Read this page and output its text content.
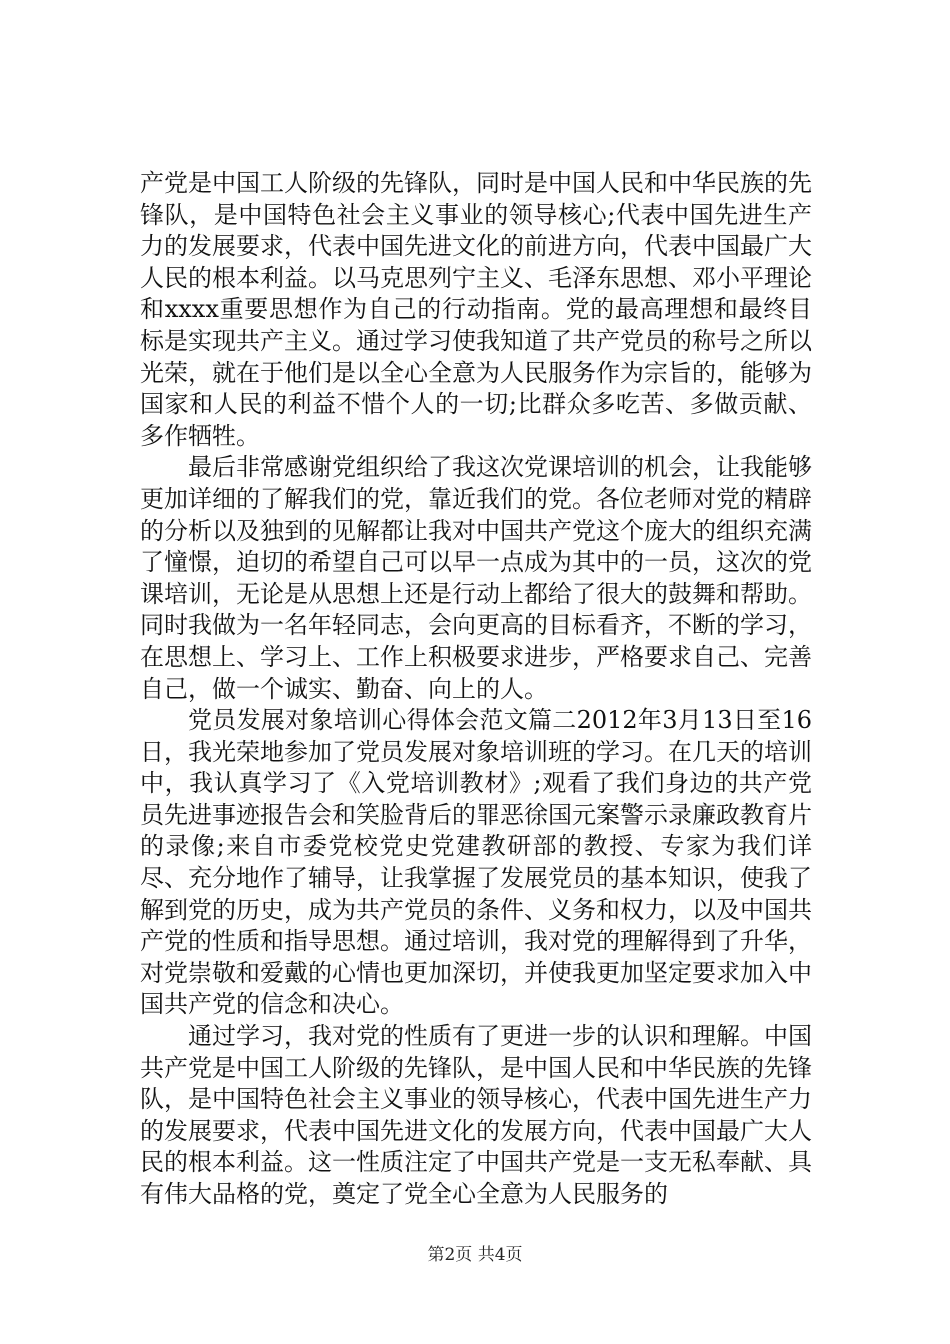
产党是中国工人阶级的先锋队，同时是中国人民和中华民族的先锋队，是中国特色社会主义事业的领导核心;代表中国先进生产力的发展要求，代表中国先进文化的前进方向，代表中国最广大人民的根本利益。以马克思列宁主义、毛泽东思想、邓小平理论和xxxx重要思想作为自己的行动指南。党的最高理想和最终目标是实现共产主义。通过学习使我知道了共产党员的称号之所以光荣，就在于他们是以全心全意为人民服务作为宗旨的，能够为国家和人民的利益不惜个人的一切;比群众多吃苦、多做贡献、多作牺牲。

最后非常感谢党组织给了我这次党课培训的机会，让我能够更加详细的了解我们的党，靠近我们的党。各位老师对党的精辟的分析以及独到的见解都让我对中国共产党这个庞大的组织充满了憧憬，迫切的希望自己可以早一点成为其中的一员，这次的党课培训，无论是从思想上还是行动上都给了很大的鼓舞和帮助。同时我做为一名年轻同志，会向更高的目标看齐，不断的学习，在思想上、学习上、工作上积极要求进步，严格要求自己、完善自己，做一个诚实、勤奋、向上的人。

党员发展对象培训心得体会范文篇二2012年3月13日至16日，我光荣地参加了党员发展对象培训班的学习。在几天的培训中，我认真学习了《入党培训教材》;观看了我们身边的共产党员先进事迹报告会和笑脸背后的罪恶徐国元案警示录廉政教育片的录像;来自市委党校党史党建教研部的教授、专家为我们详尽、充分地作了辅导，让我掌握了发展党员的基本知识，使我了解到党的历史，成为共产党员的条件、义务和权力，以及中国共产党的性质和指导思想。通过培训，我对党的理解得到了升华，对党崇敬和爱戴的心情也更加深切，并使我更加坚定要求加入中国共产党的信念和决心。

通过学习，我对党的性质有了更进一步的认识和理解。中国共产党是中国工人阶级的先锋队，是中国人民和中华民族的先锋队，是中国特色社会主义事业的领导核心，代表中国先进生产力的发展要求，代表中国先进文化的发展方向，代表中国最广大人民的根本利益。这一性质注定了中国共产党是一支无私奉献、具有伟大品格的党，奠定了党全心全意为人民服务的

第2页 共4页
